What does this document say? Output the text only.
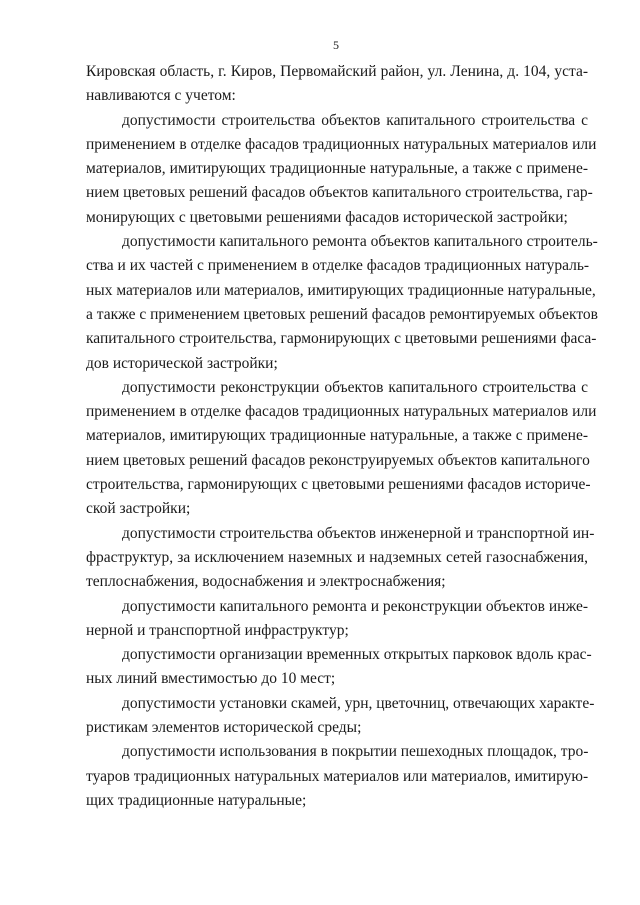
5
Кировская область, г. Киров, Первомайский район, ул. Ленина, д. 104, уста-
навливаются с учетом:
допустимости строительства объектов капитального строительства с
применением в отделке фасадов традиционных натуральных материалов или
материалов, имитирующих традиционные натуральные, а также с примене-
нием цветовых решений фасадов объектов капитального строительства, гар-
монирующих с цветовыми решениями фасадов исторической застройки;
допустимости капитального ремонта объектов капитального строитель-
ства и их частей с применением в отделке фасадов традиционных натураль-
ных материалов или материалов, имитирующих традиционные натуральные,
а также с применением цветовых решений фасадов ремонтируемых объектов
капитального строительства, гармонирующих с цветовыми решениями фаса-
дов исторической застройки;
допустимости реконструкции объектов капитального строительства с
применением в отделке фасадов традиционных натуральных материалов или
материалов, имитирующих традиционные натуральные, а также с примене-
нием цветовых решений фасадов реконструируемых объектов капитального
строительства, гармонирующих с цветовыми решениями фасадов историче-
ской застройки;
допустимости строительства объектов инженерной и транспортной ин-
фраструктур, за исключением наземных и надземных сетей газоснабжения,
теплоснабжения, водоснабжения и электроснабжения;
допустимости капитального ремонта и реконструкции объектов инже-
нерной и транспортной инфраструктур;
допустимости организации временных открытых парковок вдоль крас-
ных линий вместимостью до 10 мест;
допустимости установки скамей, урн, цветочниц, отвечающих характе-
ристикам элементов исторической среды;
допустимости использования в покрытии пешеходных площадок, тро-
туаров традиционных натуральных материалов или материалов, имитирую-
щих традиционные натуральные;
